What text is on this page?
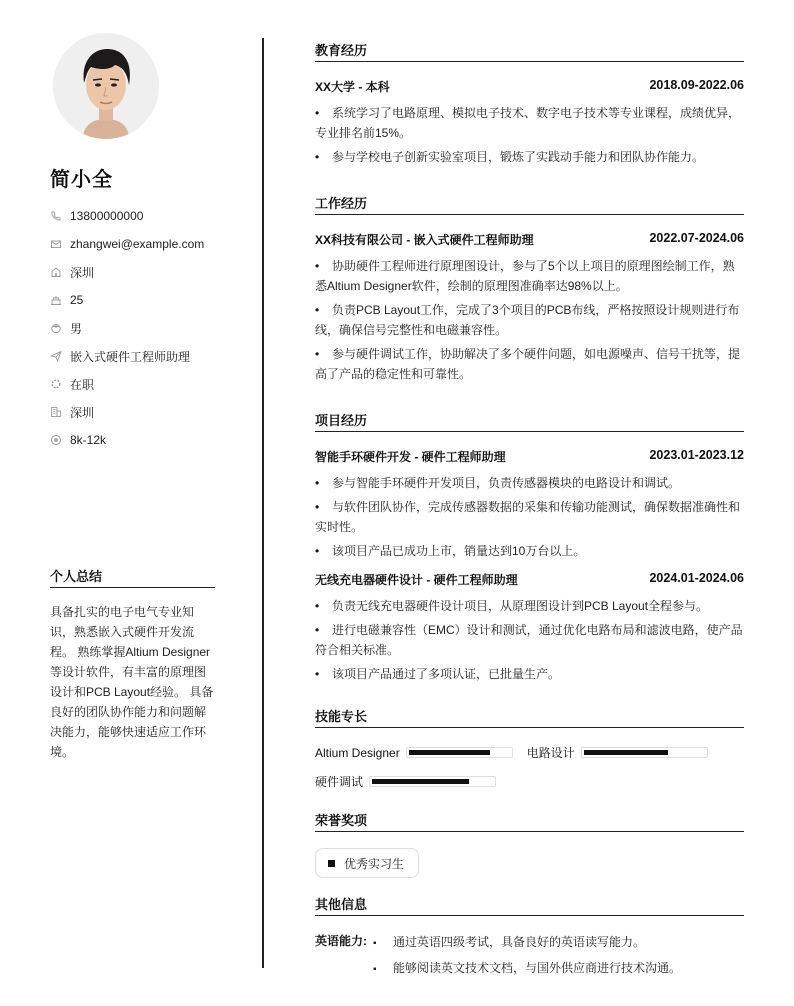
简小全
13800000000
zhangwei@example.com
深圳
25
男
嵌入式硬件工程师助理
在职
深圳
8k-12k
个人总结

具备扎实的电子电气专业知识，熟悉嵌入式硬件开发流程。 熟练掌握Altium Designer等设计软件，有丰富的原理图设计和PCB Layout经验。 具备良好的团队协作能力和问题解决能力，能够快速适应工作环境。

教育经历
XX大学 - 本科	2018.09-2022.06
• 系统学习了电路原理、模拟电子技术、数字电子技术等专业课程，成绩优异，专业排名前15%。
• 参与学校电子创新实验室项目，锻炼了实践动手能力和团队协作能力。
工作经历
XX科技有限公司 - 嵌入式硬件工程师助理	2022.07-2024.06
• 协助硬件工程师进行原理图设计，参与了5个以上项目的原理图绘制工作，熟悉Altium Designer软件，绘制的原理图准确率达98%以上。
• 负责PCB Layout工作，完成了3个项目的PCB布线，严格按照设计规则进行布线，确保信号完整性和电磁兼容性。
• 参与硬件调试工作，协助解决了多个硬件问题，如电源噪声、信号干扰等，提高了产品的稳定性和可靠性。
项目经历
智能手环硬件开发 - 硬件工程师助理	2023.01-2023.12
• 参与智能手环硬件开发项目，负责传感器模块的电路设计和调试。
• 与软件团队协作，完成传感器数据的采集和传输功能测试，确保数据准确性和实时性。
• 该项目产品已成功上市，销量达到10万台以上。
无线充电器硬件设计 - 硬件工程师助理	2024.01-2024.06
• 负责无线充电器硬件设计项目，从原理图设计到PCB Layout全程参与。
• 进行电磁兼容性（EMC）设计和测试，通过优化电路布局和滤波电路，使产品符合相关标准。
• 该项目产品通过了多项认证，已批量生产。
技能专长
Altium Designer	电路设计
硬件调试
荣誉奖项
优秀实习生
其他信息
英语能力:	▪ 通过英语四级考试，具备良好的英语读写能力。
▪ 能够阅读英文技术文档，与国外供应商进行技术沟通。
